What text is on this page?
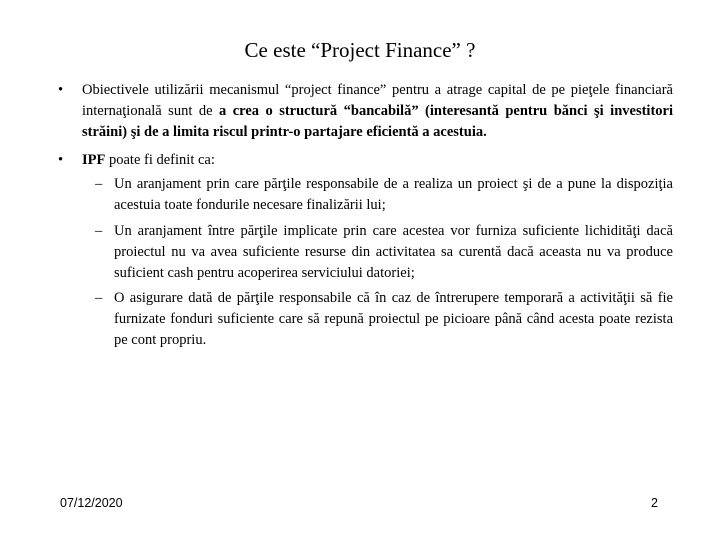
Ce este “Project Finance” ?
• Obiectivele utilizării mecanismul “project finance” pentru a atrage capital de pe pieţele financiară internaţională sunt de a crea o structură “bancabilă” (interesantă pentru bănci şi investitori străini) şi de a limita riscul printr-o partajare eficientă a acestuia.
• IPF poate fi definit ca:
– Un aranjament prin care părţile responsabile de a realiza un proiect şi de a pune la dispoziţia acestuia toate fondurile necesare finalizării lui;
– Un aranjament între părţile implicate prin care acestea vor furniza suficiente lichidităţi dacă proiectul nu va avea suficiente resurse din activitatea sa curentă dacă aceasta nu va produce suficient cash pentru acoperirea serviciului datoriei;
– O asigurare dată de părţile responsabile că în caz de întrerupere temporară a activităţii să fie furnizate fonduri suficiente care să repună proiectul pe picioare până când acesta poate rezista pe cont propriu.
07/12/2020	2
